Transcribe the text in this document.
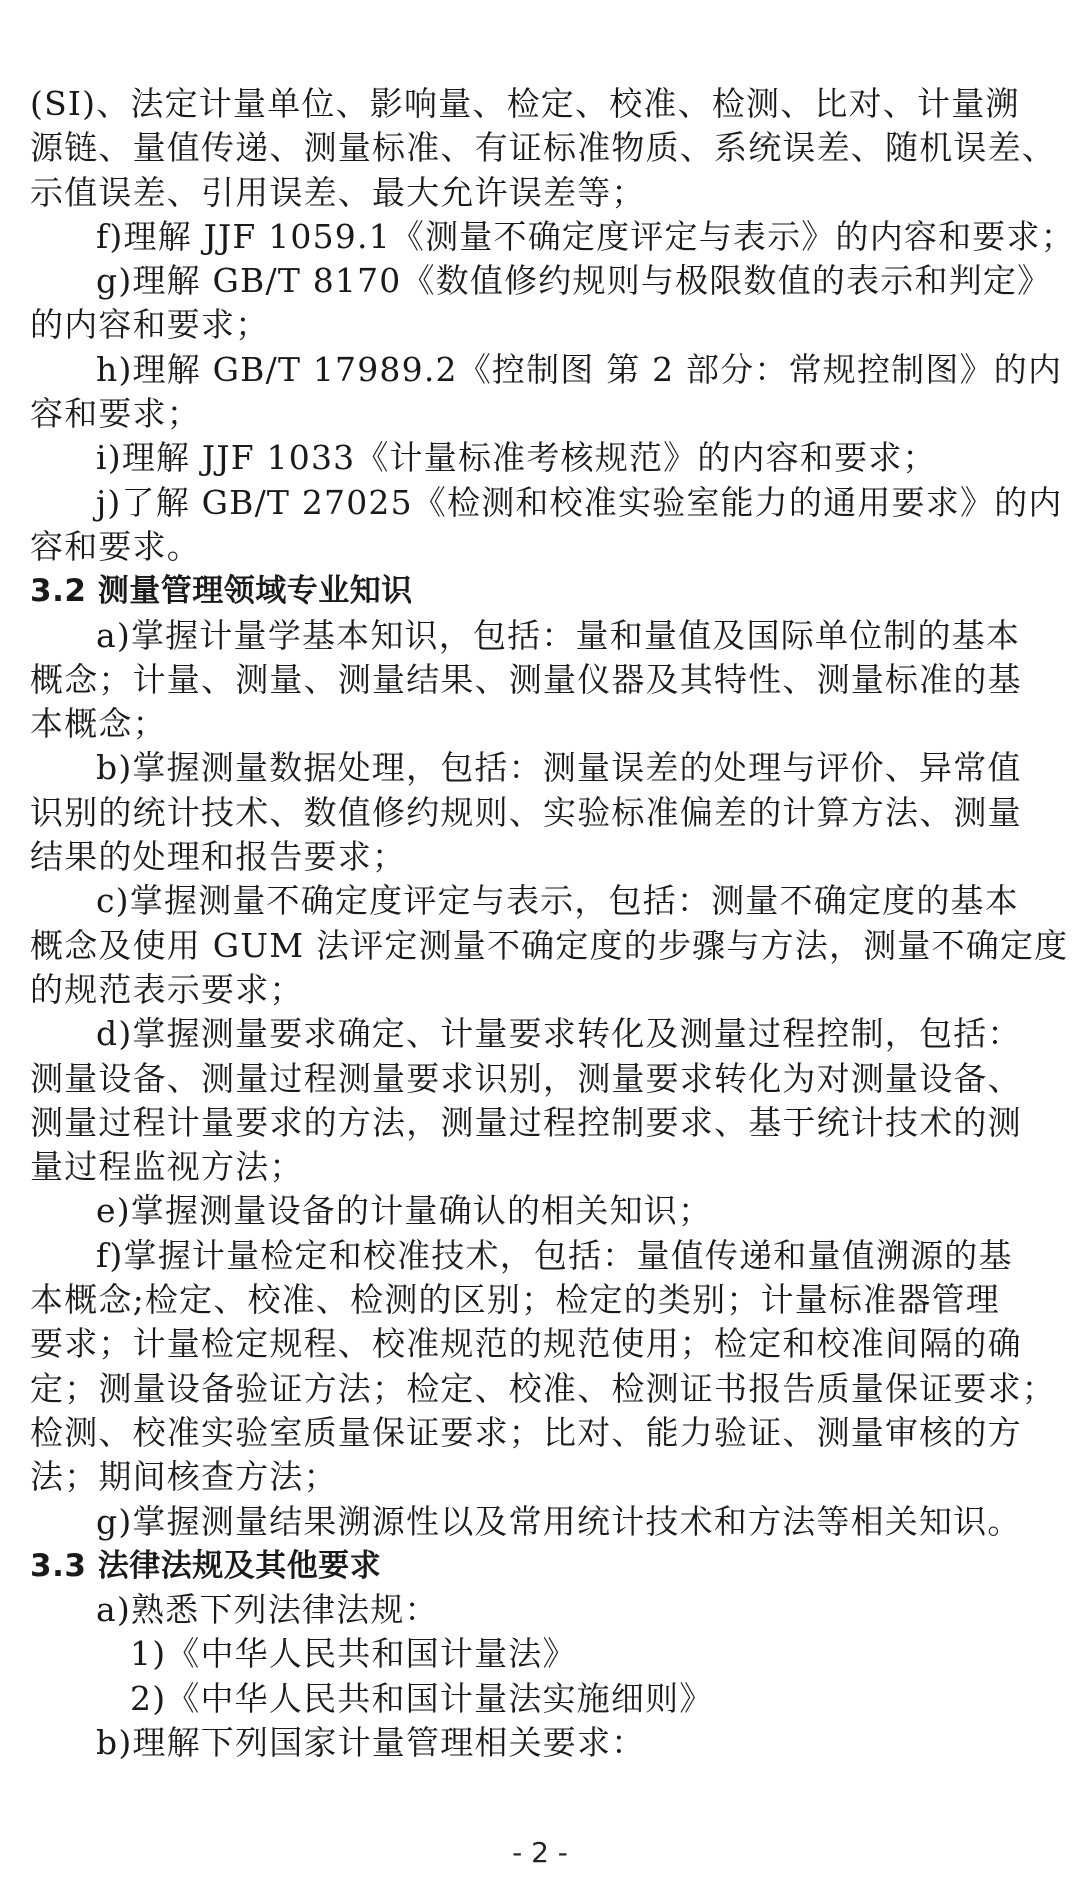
(SI)、法定计量单位、影响量、检定、校准、检测、比对、计量溯
源链、量值传递、测量标准、有证标准物质、系统误差、随机误差、
示值误差、引用误差、最大允许误差等；
f)理解 JJF 1059.1《测量不确定度评定与表示》的内容和要求；
g)理解 GB/T 8170《数值修约规则与极限数值的表示和判定》
的内容和要求；
h)理解 GB/T 17989.2《控制图 第 2 部分：常规控制图》的内
容和要求；
i)理解 JJF 1033《计量标准考核规范》的内容和要求；
j)了解 GB/T 27025《检测和校准实验室能力的通用要求》的内
容和要求。
3.2 测量管理领域专业知识
a)掌握计量学基本知识，包括：量和量值及国际单位制的基本
概念；计量、测量、测量结果、测量仪器及其特性、测量标准的基
本概念；
b)掌握测量数据处理，包括：测量误差的处理与评价、异常值
识别的统计技术、数值修约规则、实验标准偏差的计算方法、测量
结果的处理和报告要求；
c)掌握测量不确定度评定与表示，包括：测量不确定度的基本
概念及使用 GUM 法评定测量不确定度的步骤与方法，测量不确定度
的规范表示要求；
d)掌握测量要求确定、计量要求转化及测量过程控制，包括：
测量设备、测量过程测量要求识别，测量要求转化为对测量设备、
测量过程计量要求的方法，测量过程控制要求、基于统计技术的测
量过程监视方法；
e)掌握测量设备的计量确认的相关知识；
f)掌握计量检定和校准技术，包括：量值传递和量值溯源的基
本概念;检定、校准、检测的区别；检定的类别；计量标准器管理
要求；计量检定规程、校准规范的规范使用；检定和校准间隔的确
定；测量设备验证方法；检定、校准、检测证书报告质量保证要求；
检测、校准实验室质量保证要求；比对、能力验证、测量审核的方
法；期间核查方法；
g)掌握测量结果溯源性以及常用统计技术和方法等相关知识。
3.3 法律法规及其他要求
a)熟悉下列法律法规：
1)《中华人民共和国计量法》
2)《中华人民共和国计量法实施细则》
b)理解下列国家计量管理相关要求：
- 2 -
